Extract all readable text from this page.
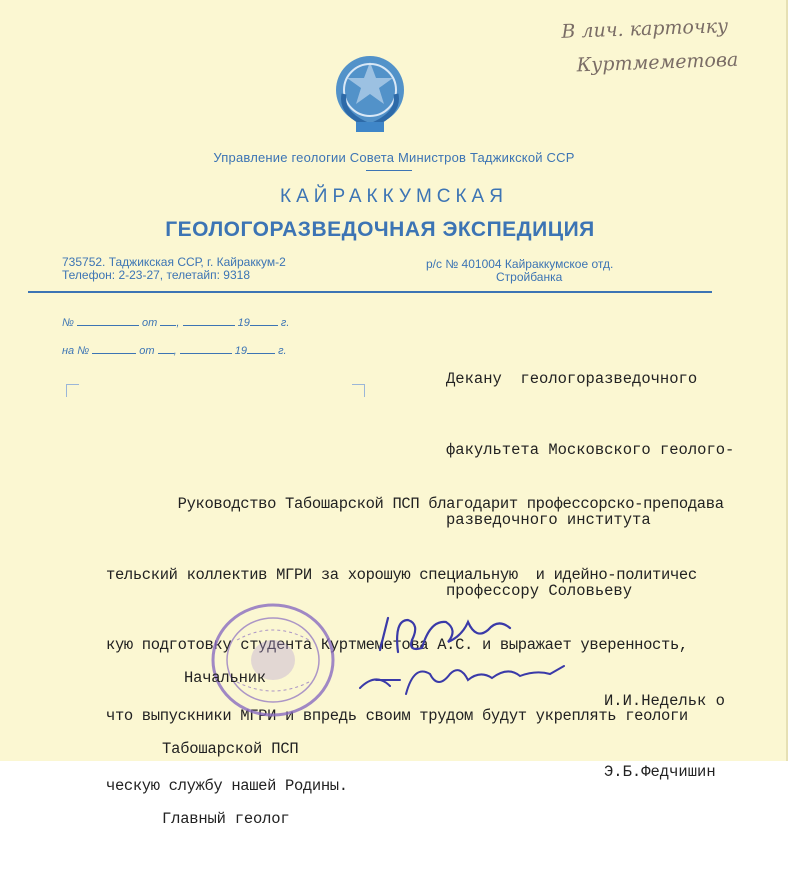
В лич. карточку
Куртмеметова
Управление геологии Совета Министров Таджикской ССР
КАЙРАККУМСКАЯ
ГЕОЛОГОРАЗВЕДОЧНАЯ ЭКСПЕДИЦИЯ
735752. Таджикская ССР, г. Кайраккум-2
Телефон: 2-23-27, телетайп: 9318
р/с № 401004 Кайраккумское отд.
Стройбанка
№	от ,	19	г.
на №	от ,	19	г.

Декану  геологоразведочного

факультета Московского геолого-

разведочного института

профессору Соловьеву

Руководство Табошарской ПСП благодарит профессорско-преподава

тельский коллектив МГРИ за хорошую специальную  и идейно-политичес

кую подготовку студента Куртмеметова А.С. и выражает уверенность,

что выпускники МГРИ и впредь своим трудом будут укреплять геологи

ческую службу нашей Родины.

Начальник

Табошарской ПСП

Главный геолог

И.И.Недельк о

Э.Б.Федчишин
